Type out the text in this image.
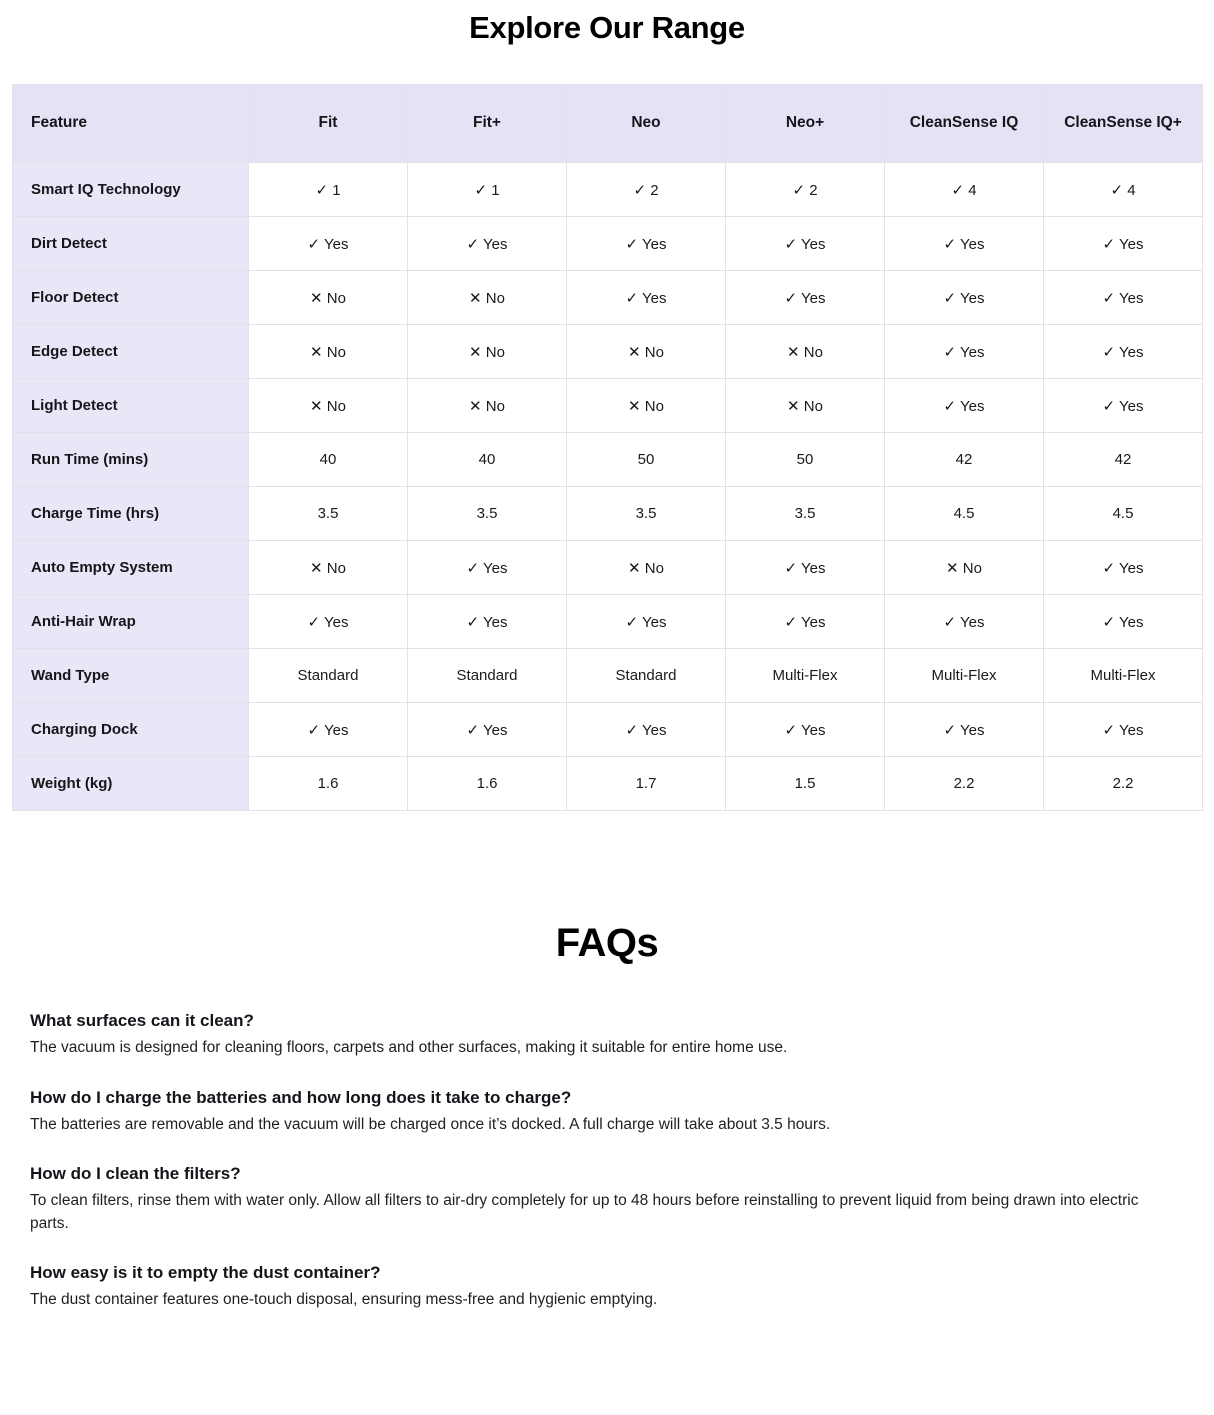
Explore Our Range
Feature	Fit	Fit+	Neo	Neo+	CleanSense IQ	CleanSense IQ+
Smart IQ Technology	✓ 1	✓ 1	✓ 2	✓ 2	✓ 4	✓ 4
Dirt Detect	✓ Yes	✓ Yes	✓ Yes	✓ Yes	✓ Yes	✓ Yes
Floor Detect	✕ No	✕ No	✓ Yes	✓ Yes	✓ Yes	✓ Yes
Edge Detect	✕ No	✕ No	✕ No	✕ No	✓ Yes	✓ Yes
Light Detect	✕ No	✕ No	✕ No	✕ No	✓ Yes	✓ Yes
Run Time (mins)	40	40	50	50	42	42
Charge Time (hrs)	3.5	3.5	3.5	3.5	4.5	4.5
Auto Empty System	✕ No	✓ Yes	✕ No	✓ Yes	✕ No	✓ Yes
Anti-Hair Wrap	✓ Yes	✓ Yes	✓ Yes	✓ Yes	✓ Yes	✓ Yes
Wand Type	Standard	Standard	Standard	Multi-Flex	Multi-Flex	Multi-Flex
Charging Dock	✓ Yes	✓ Yes	✓ Yes	✓ Yes	✓ Yes	✓ Yes
Weight (kg)	1.6	1.6	1.7	1.5	2.2	2.2
FAQs

What surfaces can it clean?

The vacuum is designed for cleaning floors, carpets and other surfaces, making it suitable for entire home use.

How do I charge the batteries and how long does it take to charge?

The batteries are removable and the vacuum will be charged once it’s docked. A full charge will take about 3.5 hours.

How do I clean the filters?

To clean filters, rinse them with water only. Allow all filters to air-dry completely for up to 48 hours before reinstalling to prevent liquid from being drawn into electric parts.

How easy is it to empty the dust container?

The dust container features one-touch disposal, ensuring mess-free and hygienic emptying.
